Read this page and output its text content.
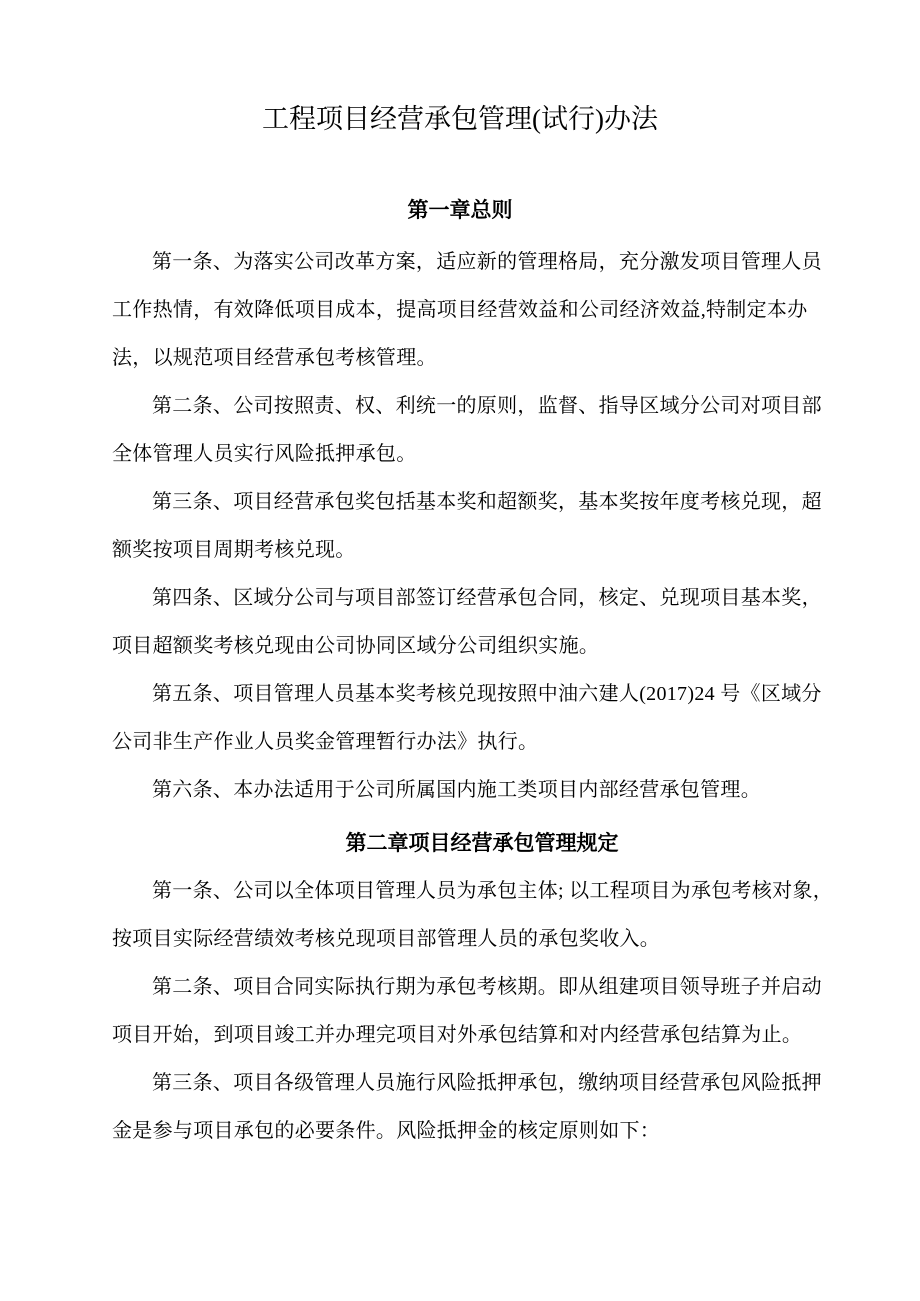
工程项目经营承包管理(试行)办法
第一章总则
第一条、为落实公司改革方案，适应新的管理格局，充分激发项目管理人员
工作热情，有效降低项目成本，提高项目经营效益和公司经济效益,特制定本办
法，以规范项目经营承包考核管理。
第二条、公司按照责、权、利统一的原则，监督、指导区域分公司对项目部
全体管理人员实行风险抵押承包。
第三条、项目经营承包奖包括基本奖和超额奖，基本奖按年度考核兑现，超
额奖按项目周期考核兑现。
第四条、区域分公司与项目部签订经营承包合同，核定、兑现项目基本奖，
项目超额奖考核兑现由公司协同区域分公司组织实施。
第五条、项目管理人员基本奖考核兑现按照中油六建人(2017)24 号《区域分
公司非生产作业人员奖金管理暂行办法》执行。
第六条、本办法适用于公司所属国内施工类项目内部经营承包管理。
第二章项目经营承包管理规定
第一条、公司以全体项目管理人员为承包主体; 以工程项目为承包考核对象，
按项目实际经营绩效考核兑现项目部管理人员的承包奖收入。
第二条、项目合同实际执行期为承包考核期。即从组建项目领导班子并启动
项目开始，到项目竣工并办理完项目对外承包结算和对内经营承包结算为止。
第三条、项目各级管理人员施行风险抵押承包，缴纳项目经营承包风险抵押
金是参与项目承包的必要条件。风险抵押金的核定原则如下：
